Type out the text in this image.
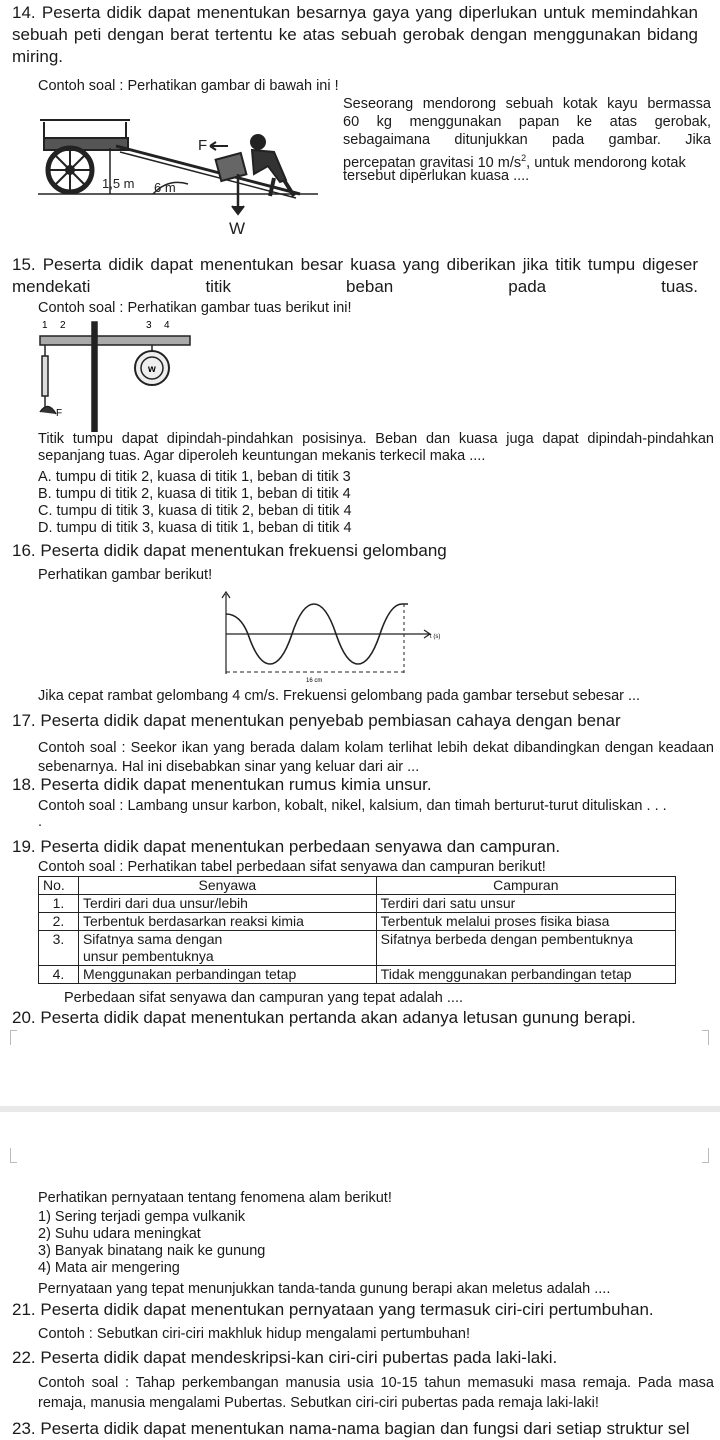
14. Peserta didik dapat menentukan besarnya gaya yang diperlukan untuk memindahkan sebuah peti dengan berat tertentu ke atas sebuah gerobak dengan menggunakan bidang miring.
Contoh soal : Perhatikan gambar di bawah ini !
F
1,5 m 6 m
W
Seseorang mendorong sebuah kotak kayu bermassa
60 kg menggunakan papan ke atas gerobak,
sebagaimana ditunjukkan pada gambar. Jika
percepatan gravitasi 10 $m/s^2$, untuk mendorong kotak
tersebut diperlukan kuasa ....
15. Peserta didik dapat menentukan besar kuasa yang diberikan jika titik tumpu digeser mendekati titik beban pada tuas.
Contoh soal : Perhatikan gambar tuas berikut ini!
1 2	3 4
w
F
Titik tumpu dapat dipindah-pindahkan posisinya. Beban dan kuasa juga dapat dipindah-pindahkan sepanjang tuas. Agar diperoleh keuntungan mekanis terkecil maka ....
A. tumpu di titik 2, kuasa di titik 1, beban di titik 3
B. tumpu di titik 2, kuasa di titik 1, beban di titik 4
C. tumpu di titik 3, kuasa di titik 2, beban di titik 4
D. tumpu di titik 3, kuasa di titik 1, beban di titik 4
16. Peserta didik dapat menentukan frekuensi gelombang
Perhatikan gambar berikut!
t (s)
16 cm
Jika cepat rambat gelombang 4 cm/s. Frekuensi gelombang pada gambar tersebut sebesar ...
17. Peserta didik dapat menentukan penyebab pembiasan cahaya dengan benar
Contoh soal : Seekor ikan yang berada dalam kolam terlihat lebih dekat dibandingkan dengan keadaan sebenarnya. Hal ini disebabkan sinar yang keluar dari air ...
18. Peserta didik dapat menentukan rumus kimia unsur.
Contoh soal : Lambang unsur karbon, kobalt, nikel, kalsium, dan timah berturut-turut dituliskan . . .
.
19. Peserta didik dapat menentukan perbedaan senyawa dan campuran.
Contoh soal : Perhatikan tabel perbedaan sifat senyawa dan campuran berikut!
No.	Senyawa	Campuran
1.	Terdiri dari dua unsur/lebih	Terdiri dari satu unsur
2.	Terbentuk berdasarkan reaksi kimia	Terbentuk melalui proses fisika biasa
3.	Sifatnya sama dengan unsur pembentuknya	Sifatnya berbeda dengan pembentuknya
4.	Menggunakan perbandingan tetap	Tidak menggunakan perbandingan tetap
Perbedaan sifat senyawa dan campuran yang tepat adalah ....
20. Peserta didik dapat menentukan pertanda akan adanya letusan gunung berapi.
Perhatikan pernyataan tentang fenomena alam berikut!
1) Sering terjadi gempa vulkanik
2) Suhu udara meningkat
3) Banyak binatang naik ke gunung
4) Mata air mengering
Pernyataan yang tepat menunjukkan tanda-tanda gunung berapi akan meletus adalah ....
21. Peserta didik dapat menentukan pernyataan yang termasuk ciri-ciri pertumbuhan.
Contoh : Sebutkan ciri-ciri makhluk hidup mengalami pertumbuhan!
22. Peserta didik dapat mendeskripsi-kan ciri-ciri pubertas pada laki-laki.
Contoh soal : Tahap perkembangan manusia usia 10-15 tahun memasuki masa remaja. Pada masa remaja, manusia mengalami Pubertas. Sebutkan ciri-ciri pubertas pada remaja laki-laki!
23. Peserta didik dapat menentukan nama-nama bagian dan fungsi dari setiap struktur sel
